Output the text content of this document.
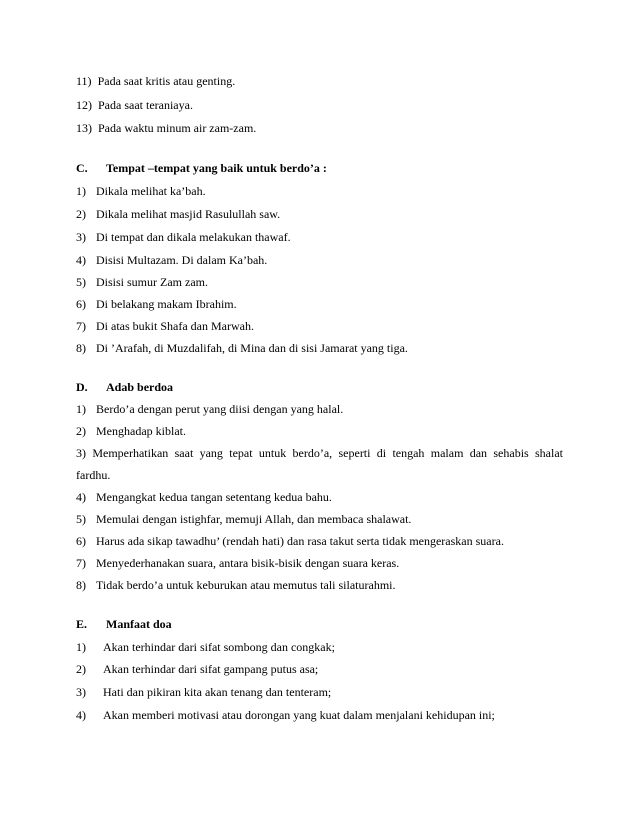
11) Pada saat kritis atau genting.
12) Pada saat teraniaya.
13) Pada waktu minum air zam-zam.
C. Tempat –tempat yang baik untuk berdo’a :
1) Dikala melihat ka’bah.
2) Dikala melihat masjid Rasulullah saw.
3) Di tempat dan dikala melakukan thawaf.
4) Disisi Multazam. Di dalam Ka’bah.
5) Disisi sumur Zam zam.
6) Di belakang makam Ibrahim.
7) Di atas bukit Shafa dan Marwah.
8) Di ’Arafah, di Muzdalifah, di Mina dan di sisi Jamarat yang tiga.
D. Adab berdoa
1) Berdo’a dengan perut yang diisi dengan yang halal.
2) Menghadap kiblat.
3) Memperhatikan saat yang tepat untuk berdo’a, seperti di tengah malam dan sehabis shalat
fardhu.
4) Mengangkat kedua tangan setentang kedua bahu.
5) Memulai dengan istighfar, memuji Allah, dan membaca shalawat.
6) Harus ada sikap tawadhu’ (rendah hati) dan rasa takut serta tidak mengeraskan suara.
7) Menyederhanakan suara, antara bisik-bisik dengan suara keras.
8) Tidak berdo’a untuk keburukan atau memutus tali silaturahmi.
E. Manfaat doa
1) Akan terhindar dari sifat sombong dan congkak;
2) Akan terhindar dari sifat gampang putus asa;
3) Hati dan pikiran kita akan tenang dan tenteram;
4) Akan memberi motivasi atau dorongan yang kuat dalam menjalani kehidupan ini;
